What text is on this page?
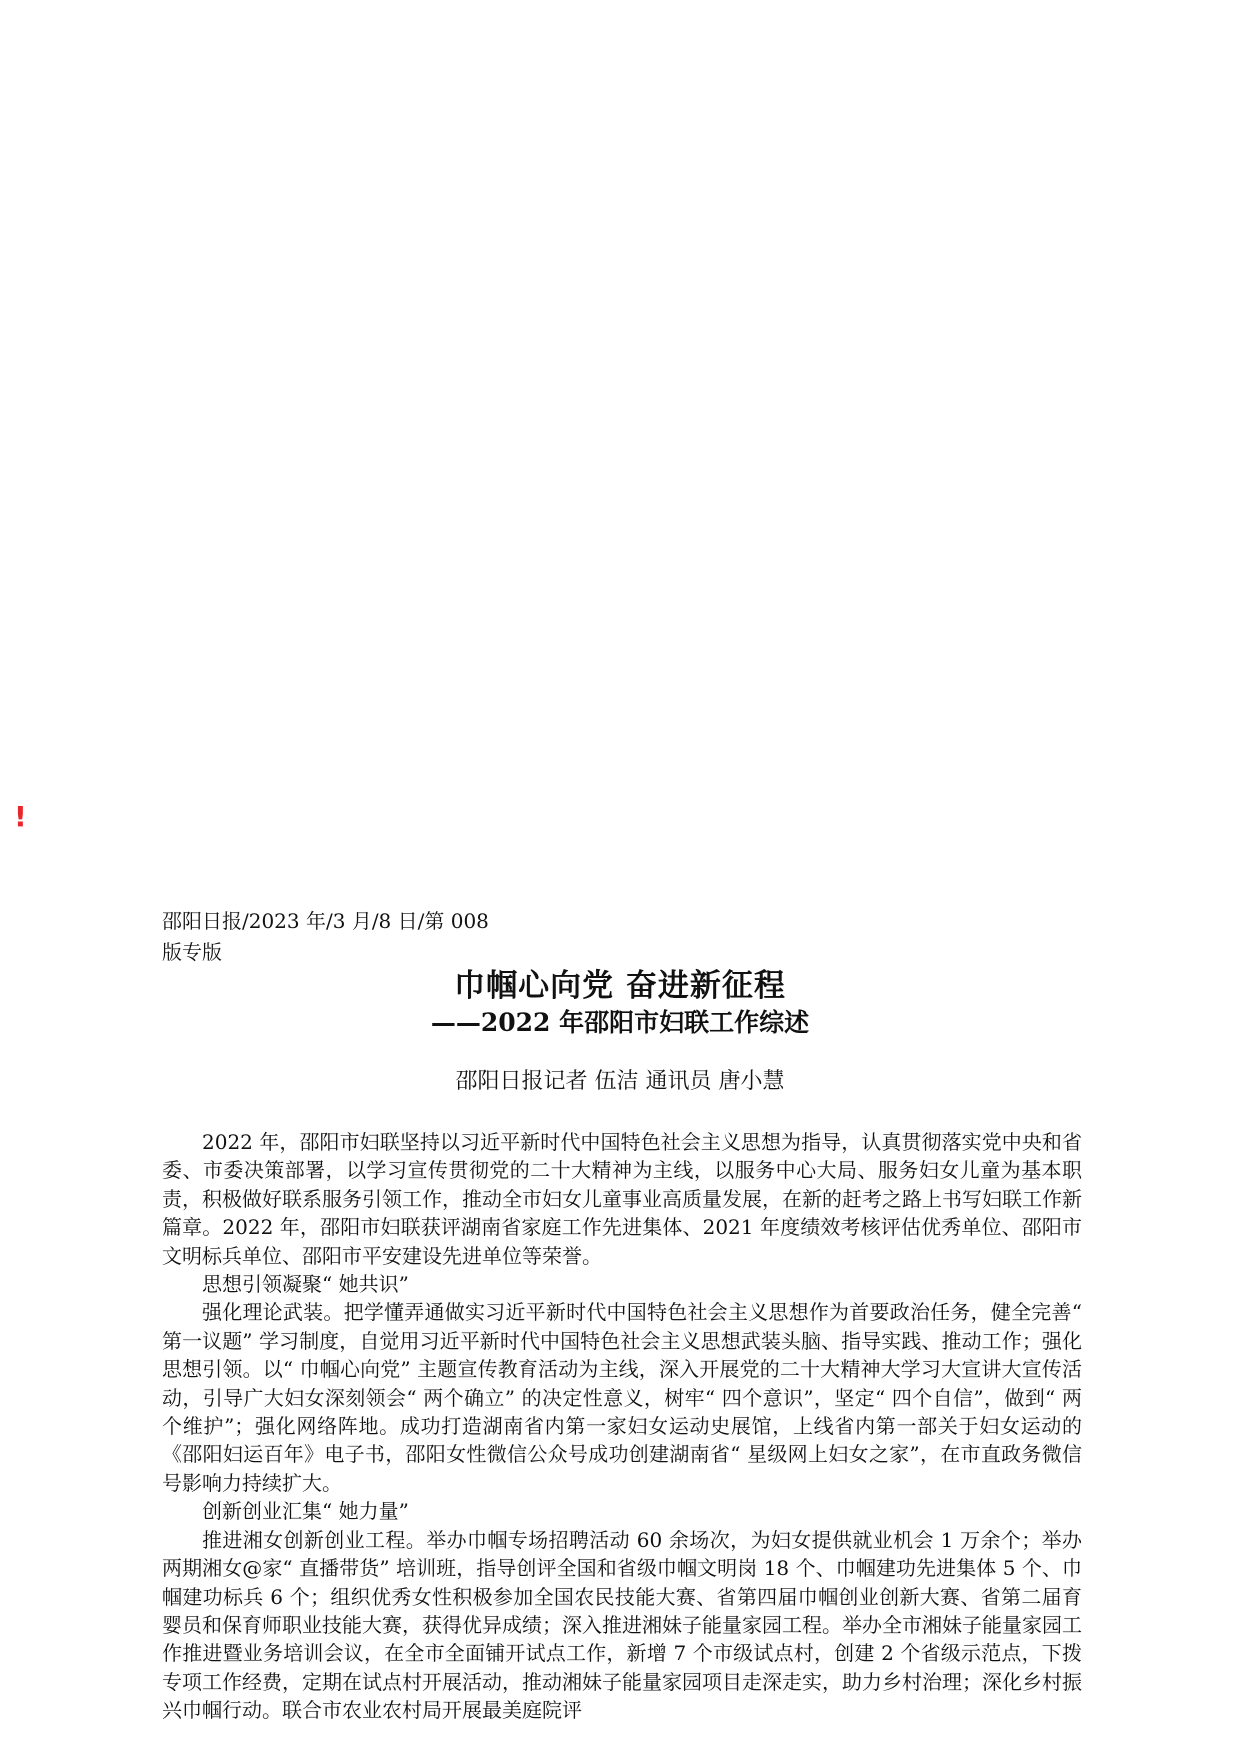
!
邵阳日报/2023 年/3 月/8 日/第 008
版专版
巾帼心向党 奋进新征程
——2022 年邵阳市妇联工作综述
邵阳日报记者 伍洁 通讯员 唐小慧

2022 年，邵阳市妇联坚持以习近平新时代中国特色社会主义思想为指导，认真贯彻落实党中央和省委、市委决策部署，以学习宣传贯彻党的二十大精神为主线，以服务中心大局、服务妇女儿童为基本职责，积极做好联系服务引领工作，推动全市妇女儿童事业高质量发展，在新的赶考之路上书写妇联工作新篇章。2022 年，邵阳市妇联获评湖南省家庭工作先进集体、2021 年度绩效考核评估优秀单位、邵阳市文明标兵单位、邵阳市平安建设先进单位等荣誉。

思想引领凝聚“ 她共识”

强化理论武装。把学懂弄通做实习近平新时代中国特色社会主义思想作为首要政治任务，健全完善“ 第一议题” 学习制度，自觉用习近平新时代中国特色社会主义思想武装头脑、指导实践、推动工作；强化思想引领。以“ 巾帼心向党” 主题宣传教育活动为主线，深入开展党的二十大精神大学习大宣讲大宣传活动，引导广大妇女深刻领会“ 两个确立” 的决定性意义，树牢“ 四个意识”，坚定“ 四个自信”，做到“ 两个维护”；强化网络阵地。成功打造湖南省内第一家妇女运动史展馆，上线省内第一部关于妇女运动的《邵阳妇运百年》电子书，邵阳女性微信公众号成功创建湖南省“ 星级网上妇女之家”，在市直政务微信号影响力持续扩大。

创新创业汇集“ 她力量”

推进湘女创新创业工程。举办巾帼专场招聘活动 60 余场次，为妇女提供就业机会 1 万余个；举办两期湘女@家“ 直播带货” 培训班，指导创评全国和省级巾帼文明岗 18 个、巾帼建功先进集体 5 个、巾帼建功标兵 6 个；组织优秀女性积极参加全国农民技能大赛、省第四届巾帼创业创新大赛、省第二届育婴员和保育师职业技能大赛，获得优异成绩；深入推进湘妹子能量家园工程。举办全市湘妹子能量家园工作推进暨业务培训会议，在全市全面铺开试点工作，新增 7 个市级试点村，创建 2 个省级示范点，下拨专项工作经费，定期在试点村开展活动，推动湘妹子能量家园项目走深走实，助力乡村治理；深化乡村振兴巾帼行动。联合市农业农村局开展最美庭院评
